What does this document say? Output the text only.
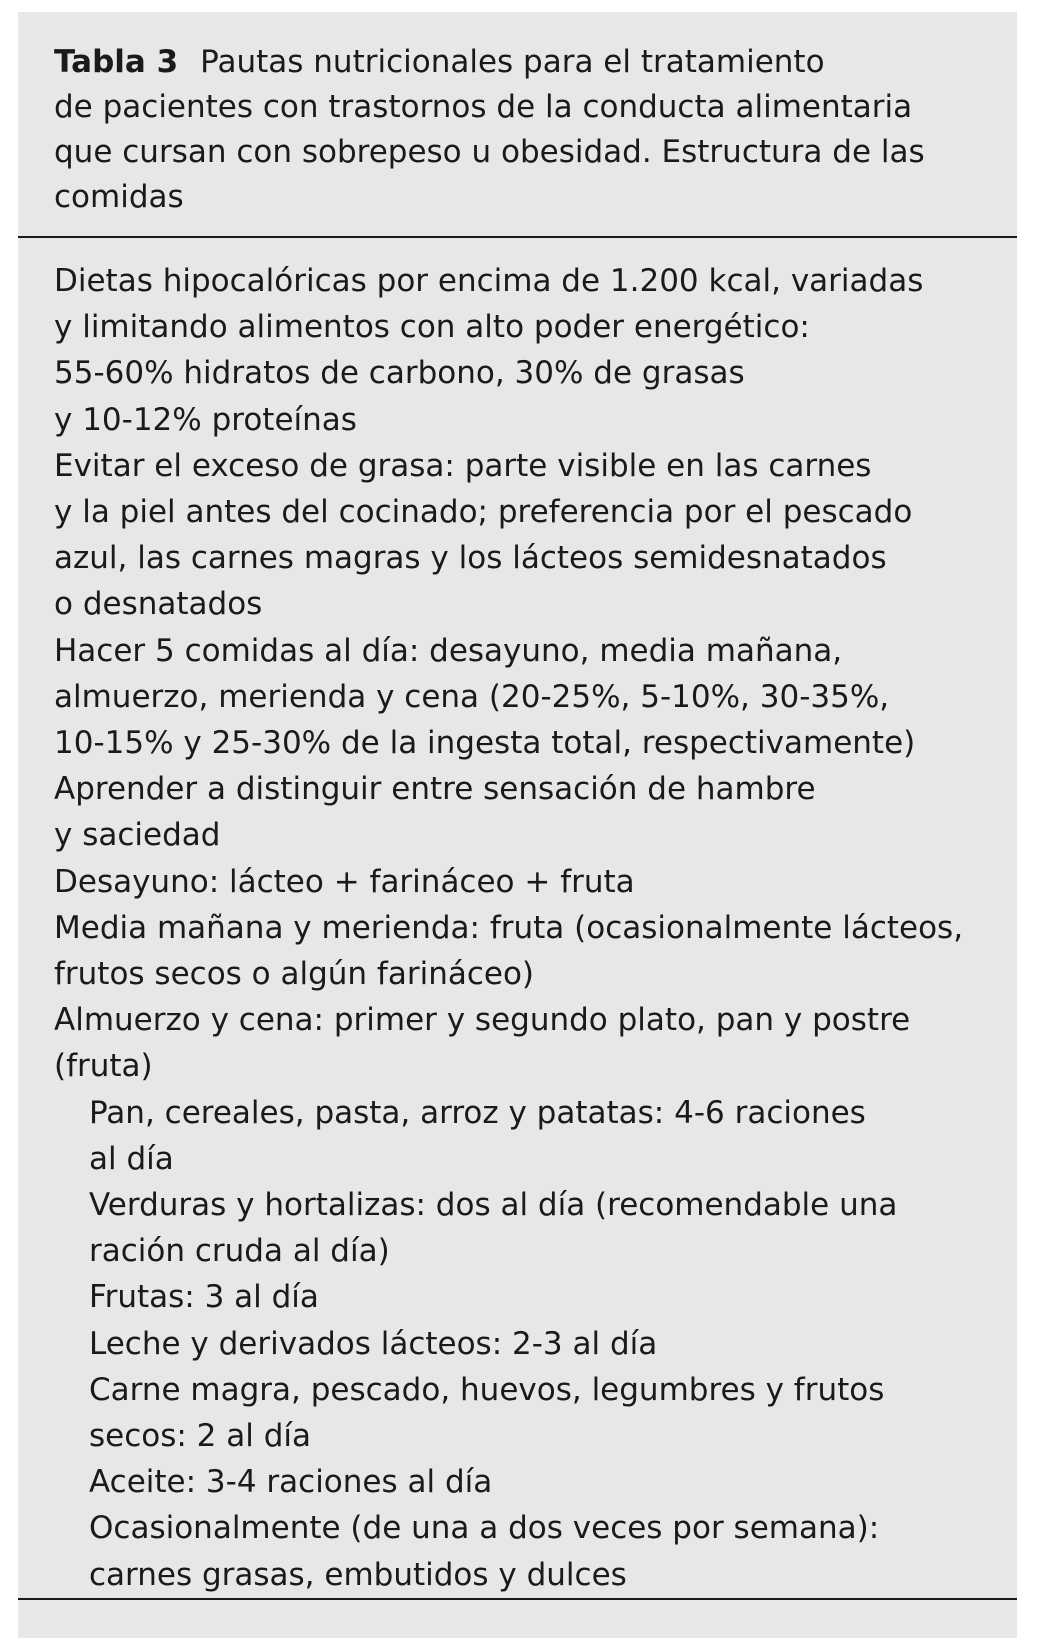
Tabla 3 Pautas nutricionales para el tratamiento
de pacientes con trastornos de la conducta alimentaria
que cursan con sobrepeso u obesidad. Estructura de las
comidas
Dietas hipocalóricas por encima de 1.200 kcal, variadas
y limitando alimentos con alto poder energético:
55-60% hidratos de carbono, 30% de grasas
y 10-12% proteínas
Evitar el exceso de grasa: parte visible en las carnes
y la piel antes del cocinado; preferencia por el pescado
azul, las carnes magras y los lácteos semidesnatados
o desnatados
Hacer 5 comidas al día: desayuno, media mañana,
almuerzo, merienda y cena (20-25%, 5-10%, 30-35%,
10-15% y 25-30% de la ingesta total, respectivamente)
Aprender a distinguir entre sensación de hambre
y saciedad
Desayuno: lácteo + farináceo + fruta
Media mañana y merienda: fruta (ocasionalmente lácteos,
frutos secos o algún farináceo)
Almuerzo y cena: primer y segundo plato, pan y postre
(fruta)
Pan, cereales, pasta, arroz y patatas: 4-6 raciones
al día
Verduras y hortalizas: dos al día (recomendable una
ración cruda al día)
Frutas: 3 al día
Leche y derivados lácteos: 2-3 al día
Carne magra, pescado, huevos, legumbres y frutos
secos: 2 al día
Aceite: 3-4 raciones al día
Ocasionalmente (de una a dos veces por semana):
carnes grasas, embutidos y dulces
